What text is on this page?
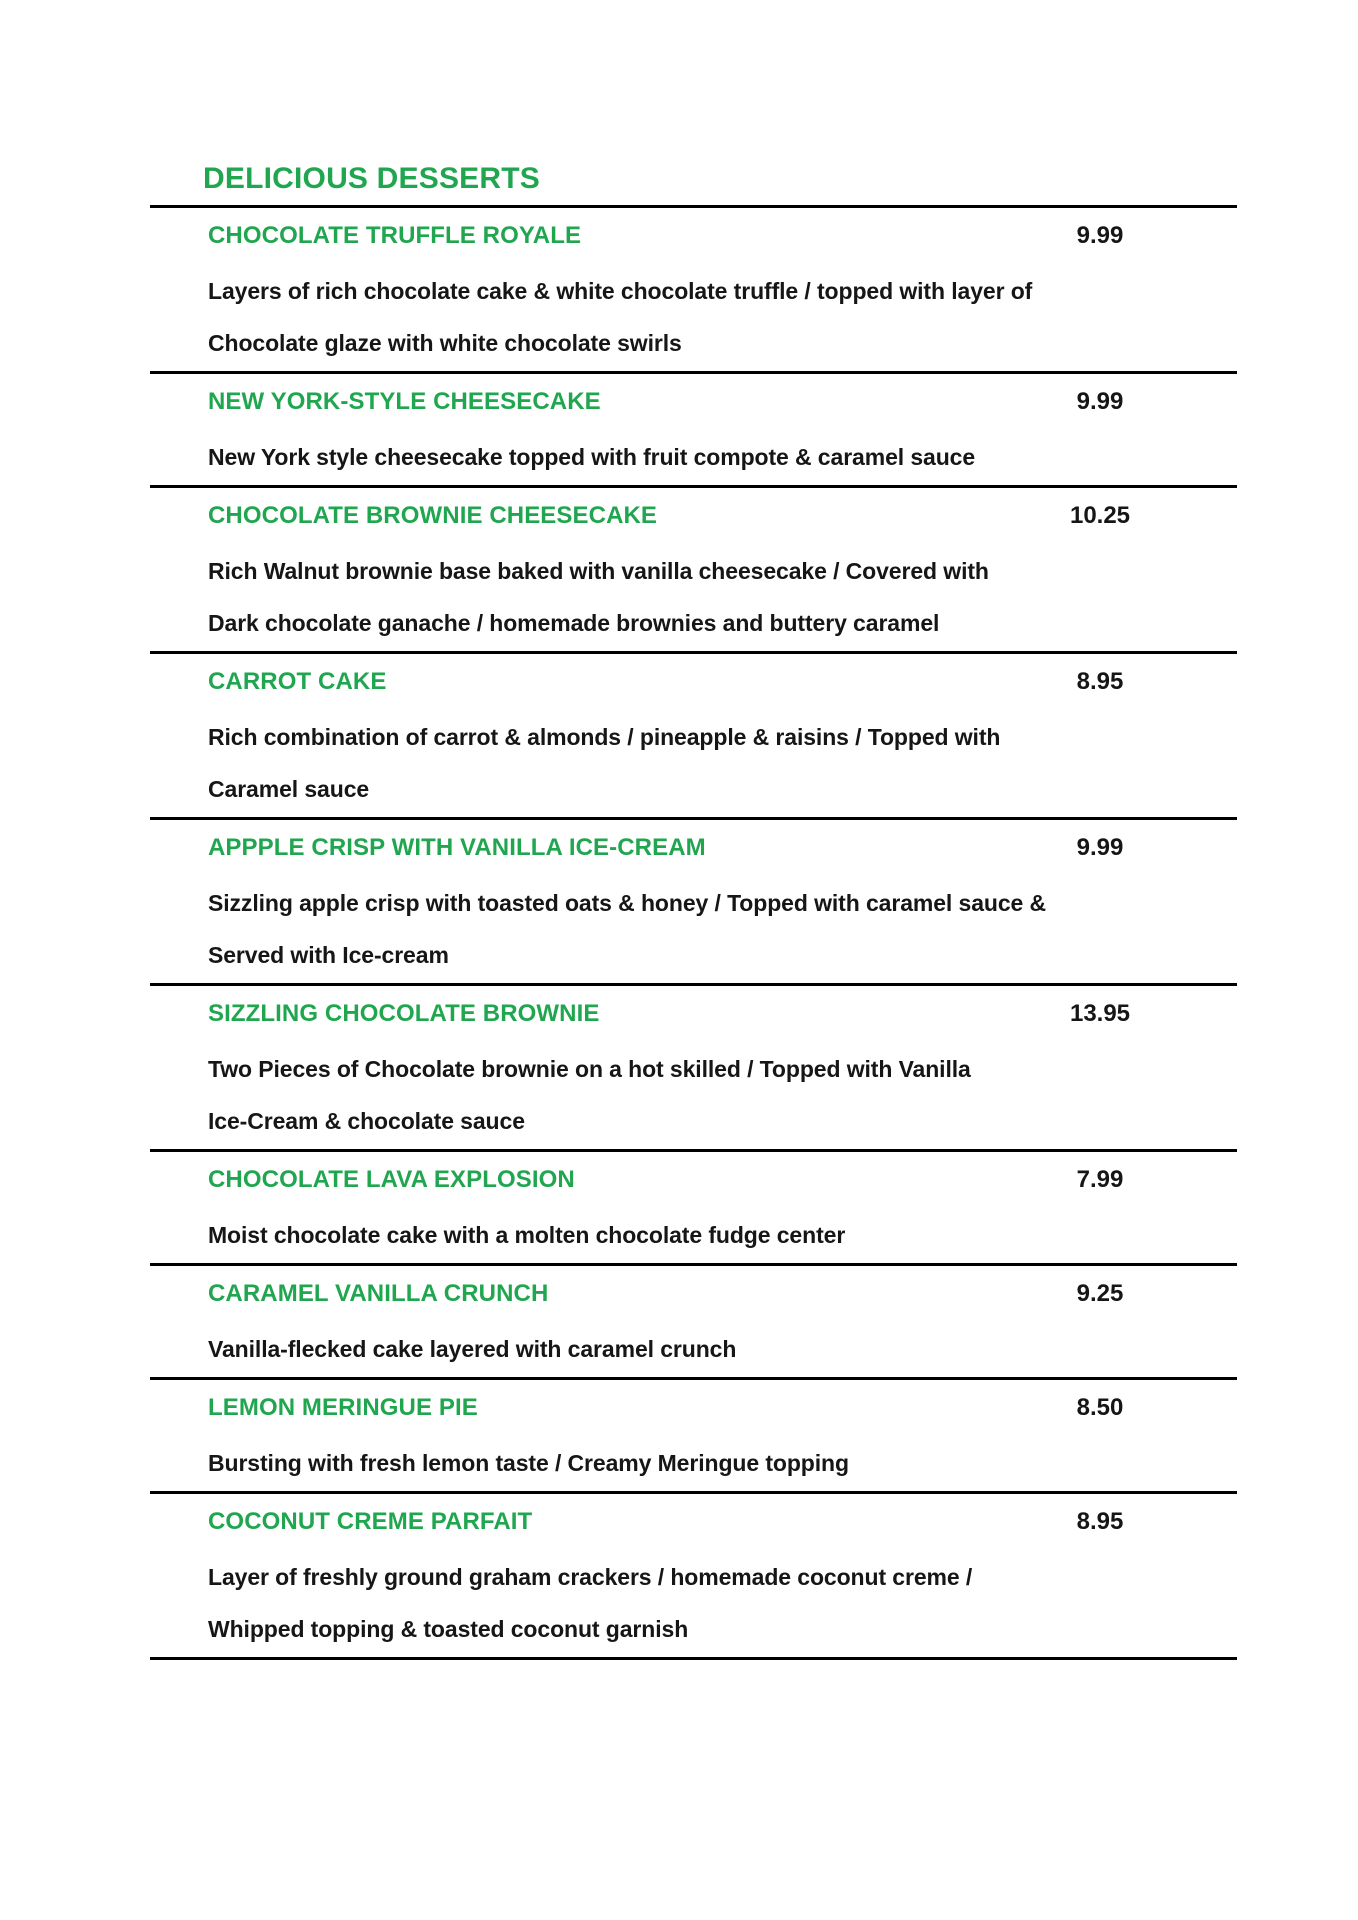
DELICIOUS DESSERTS
CHOCOLATE TRUFFLE ROYALE	9.99
Layers of rich chocolate cake & white chocolate truffle / topped with layer of
Chocolate glaze with white chocolate swirls
NEW YORK-STYLE CHEESECAKE	9.99
New York style cheesecake topped with fruit compote & caramel sauce
CHOCOLATE BROWNIE CHEESECAKE	10.25
Rich Walnut brownie base baked with vanilla cheesecake / Covered with
Dark chocolate ganache / homemade brownies and buttery caramel
CARROT CAKE	8.95
Rich combination of carrot & almonds / pineapple & raisins / Topped with
Caramel sauce
APPPLE CRISP WITH VANILLA ICE-CREAM	9.99
Sizzling apple crisp with toasted oats & honey / Topped with caramel sauce &
Served with Ice-cream
SIZZLING CHOCOLATE BROWNIE	13.95
Two Pieces of Chocolate brownie on a hot skilled / Topped with Vanilla
Ice-Cream & chocolate sauce
CHOCOLATE LAVA EXPLOSION	7.99
Moist chocolate cake with a molten chocolate fudge center
CARAMEL VANILLA CRUNCH	9.25
Vanilla-flecked cake layered with caramel crunch
LEMON MERINGUE PIE	8.50
Bursting with fresh lemon taste / Creamy Meringue topping
COCONUT CREME PARFAIT	8.95
Layer of freshly ground graham crackers / homemade coconut creme /
Whipped topping & toasted coconut garnish
